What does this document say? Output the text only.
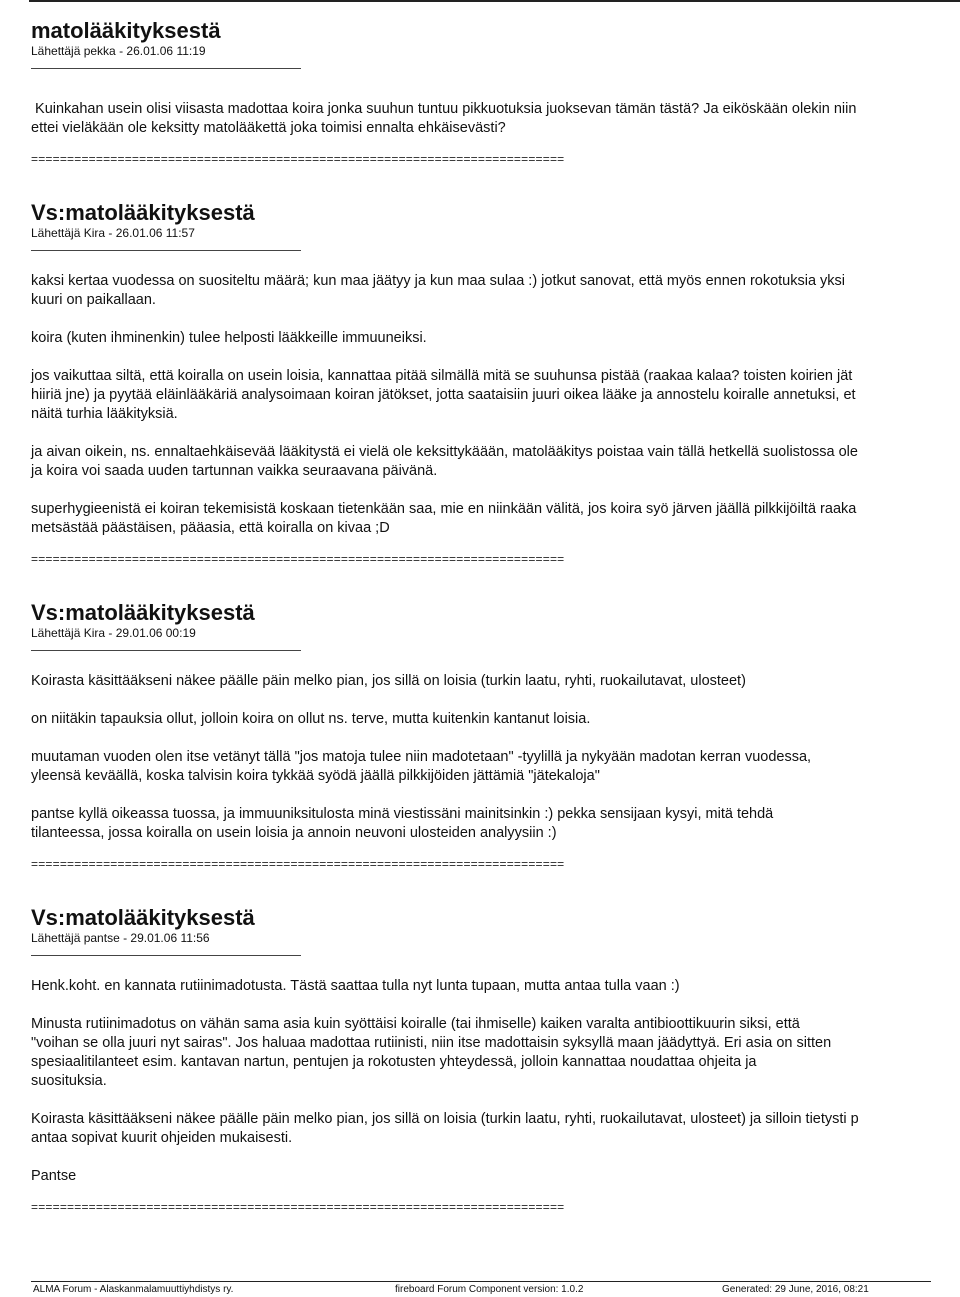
matolääkityksestä
Lähettäjä pekka - 26.01.06 11:19

Kuinkahan usein olisi viisasta madottaa koira jonka suuhun tuntuu pikkuotuksia juoksevan tämän tästä? Ja eiköskään olekin niin
ettei vieläkään ole keksitty matolääkettä joka toimisi ennalta ehkäisevästi?

==========================================================================

Vs:matolääkityksestä
Lähettäjä Kira - 26.01.06 11:57

kaksi kertaa vuodessa on suositeltu määrä; kun maa jäätyy ja kun maa sulaa :) jotkut sanovat, että myös ennen rokotuksia yksi
kuuri on paikallaan.

koira (kuten ihminenkin) tulee helposti lääkkeille immuuneiksi.

jos vaikuttaa siltä, että koiralla on usein loisia, kannattaa pitää silmällä mitä se suuhunsa pistää (raakaa kalaa? toisten koirien jät
hiiriä jne) ja pyytää eläinlääkäriä analysoimaan koiran jätökset, jotta saataisiin juuri oikea lääke ja annostelu koiralle annetuksi, et
näitä turhia lääkityksiä.

ja aivan oikein, ns. ennaltaehkäisevää lääkitystä ei vielä ole keksittykäään, matolääkitys poistaa vain tällä hetkellä suolistossa ole
ja koira voi saada uuden tartunnan vaikka seuraavana päivänä.

superhygieenistä ei koiran tekemisistä koskaan tietenkään saa, mie en niinkään välitä, jos koira syö järven jäällä pilkkijöiltä raaka
metsästää päästäisen, pääasia, että koiralla on kivaa ;D

==========================================================================

Vs:matolääkityksestä
Lähettäjä Kira - 29.01.06 00:19

Koirasta käsittääkseni näkee päälle päin melko pian, jos sillä on loisia (turkin laatu, ryhti, ruokailutavat, ulosteet)

on niitäkin tapauksia ollut, jolloin koira on ollut ns. terve, mutta kuitenkin kantanut loisia.

muutaman vuoden olen itse vetänyt tällä "jos matoja tulee niin madotetaan" -tyylillä ja nykyään madotan kerran vuodessa,
yleensä keväällä, koska talvisin koira tykkää syödä jäällä pilkkijöiden jättämiä "jätekaloja"

pantse kyllä oikeassa tuossa, ja immuuniksitulosta minä viestissäni mainitsinkin :) pekka sensijaan kysyi, mitä tehdä
tilanteessa, jossa koiralla on usein loisia ja annoin neuvoni ulosteiden analyysiin :)

==========================================================================

Vs:matolääkityksestä
Lähettäjä pantse - 29.01.06 11:56

Henk.koht. en kannata rutiinimadotusta. Tästä saattaa tulla nyt lunta tupaan, mutta antaa tulla vaan :)

Minusta rutiinimadotus on vähän sama asia kuin syöttäisi koiralle (tai ihmiselle) kaiken varalta antibioottikuurin siksi, että
"voihan se olla juuri nyt sairas". Jos haluaa madottaa rutiinisti, niin itse madottaisin syksyllä maan jäädyttyä. Eri asia on sitten
spesiaalitilanteet esim. kantavan nartun, pentujen ja rokotusten yhteydessä, jolloin kannattaa noudattaa ohjeita ja
suosituksia.

Koirasta käsittääkseni näkee päälle päin melko pian, jos sillä on loisia (turkin laatu, ryhti, ruokailutavat, ulosteet) ja silloin tietysti p
antaa sopivat kuurit ohjeiden mukaisesti.

Pantse

==========================================================================

ALMA Forum - Alaskanmalamuuttiyhdistys ry.	fireboard Forum Component version: 1.0.2	Generated: 29 June, 2016, 08:21
